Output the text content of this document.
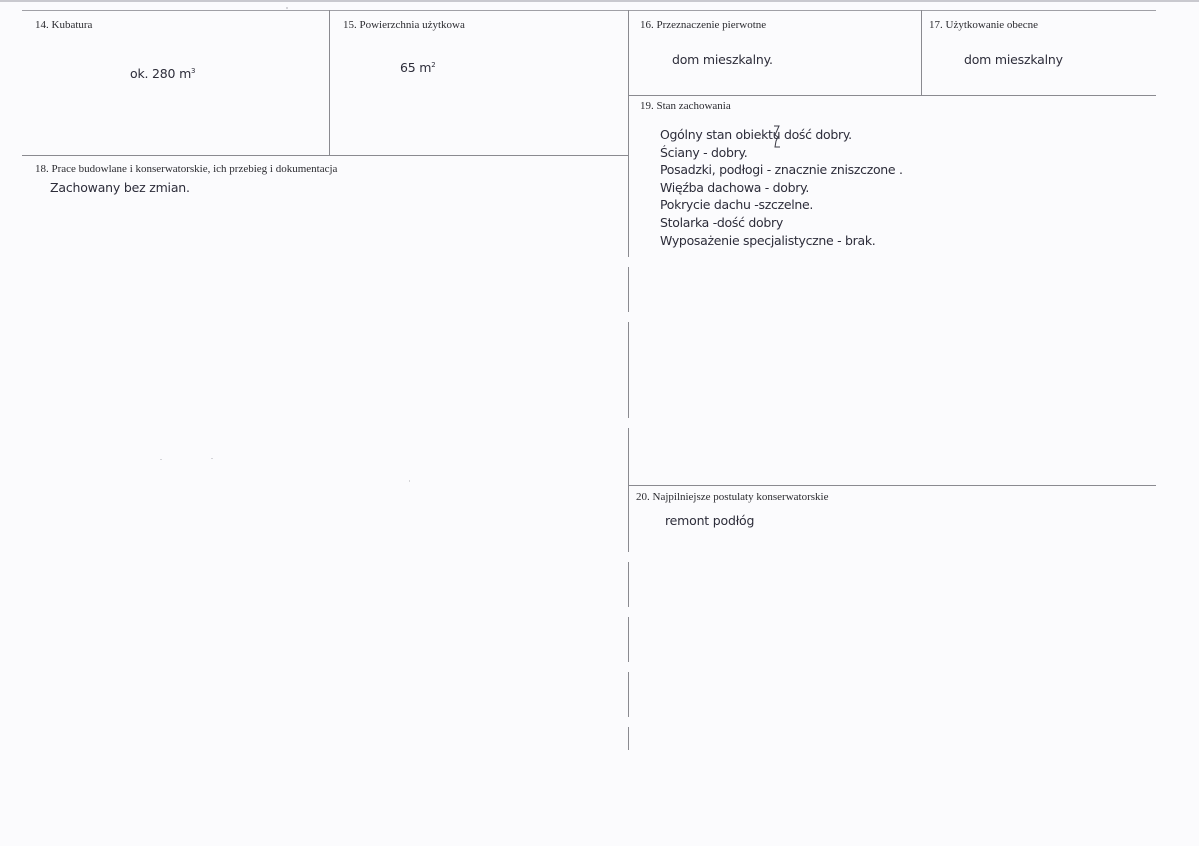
14. Kubatura
ok. 280 $m^3$
15. Powierzchnia użytkowa
65 $m^2$
16. Przeznaczenie pierwotne
dom mieszkalny.
17. Użytkowanie obecne
dom mieszkalny
18. Prace budowlane i konserwatorskie, ich przebieg i dokumentacja
Zachowany bez zmian.
19. Stan zachowania
Ogólny stan obiektu dość dobry.
Ściany - dobry.
Posadzki, podłogi - znacznie zniszczone .
Więźba dachowa - dobry.
Pokrycie dachu -szczelne.
Stolarka -dość dobry
Wyposażenie specjalistyczne - brak.
20. Najpilniejsze postulaty konserwatorskie
remont podłóg
